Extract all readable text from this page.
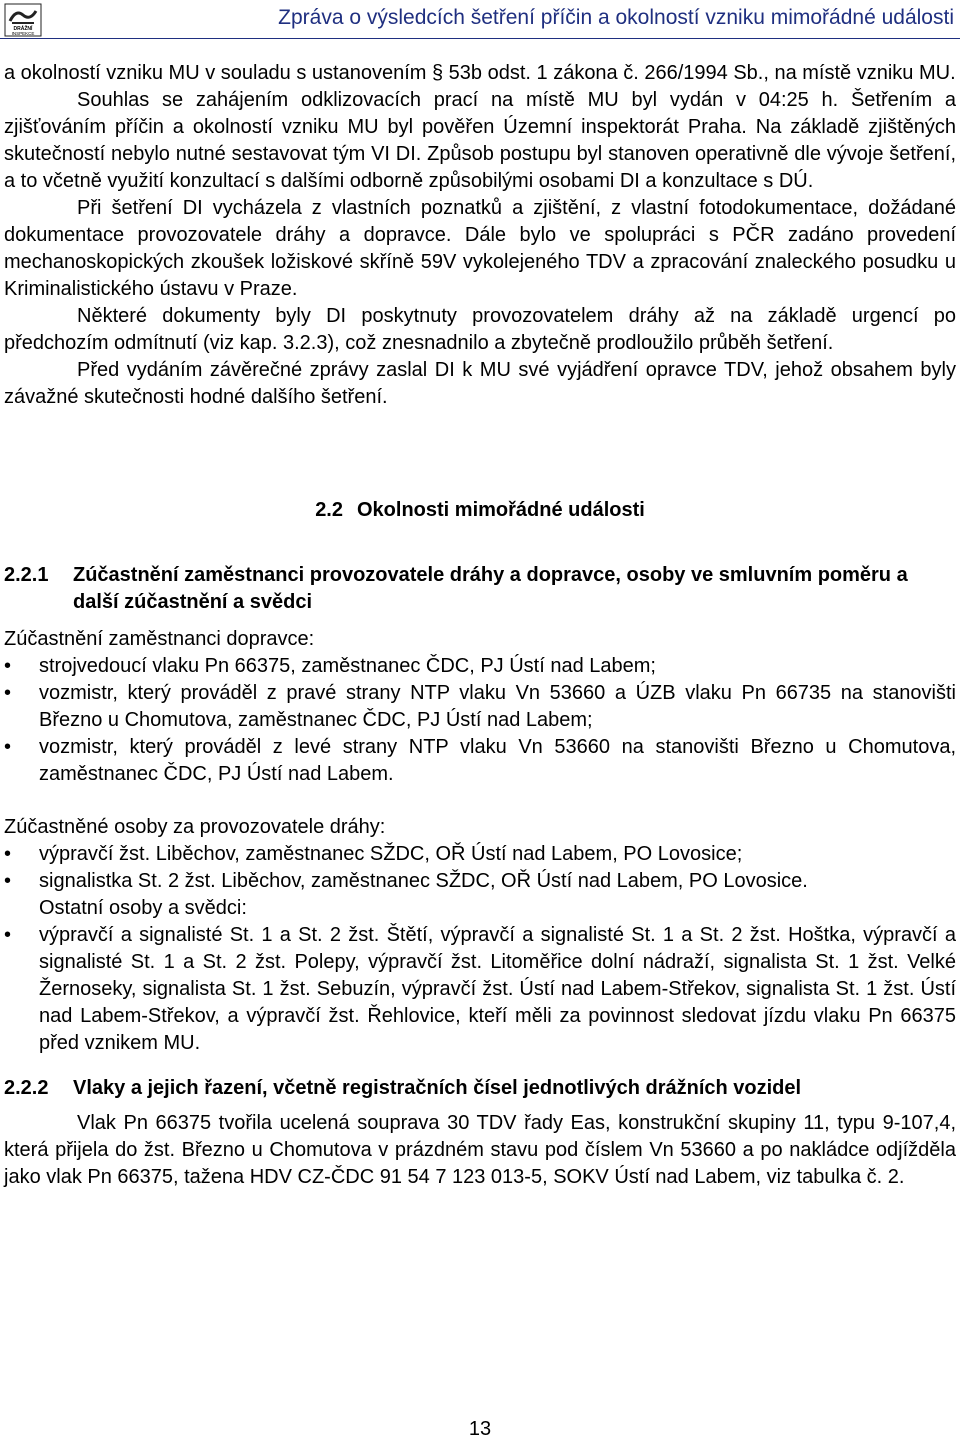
DRÁŽNÍ
INSPEKCE
Zpráva o výsledcích šetření příčin a okolností vzniku mimořádné události

a okolností vzniku MU v souladu s ustanovením § 53b odst. 1 zákona č. 266/1994 Sb., na místě vzniku MU.

Souhlas se zahájením odklizovacích prací na místě MU byl vydán v 04:25 h. Šetřením a zjišťováním příčin a okolností vzniku MU byl pověřen Územní inspektorát Praha. Na základě zjištěných skutečností nebylo nutné sestavovat tým VI DI. Způsob postupu byl stanoven operativně dle vývoje šetření, a to včetně využití konzultací s dalšími odborně způsobilými osobami DI a konzultace s DÚ.

Při šetření DI vycházela z vlastních poznatků a zjištění, z vlastní fotodokumentace, dožádané dokumentace provozovatele dráhy a dopravce. Dále bylo ve spolupráci s PČR zadáno provedení mechanoskopických zkoušek ložiskové skříně 59V vykolejeného TDV a zpracování znaleckého posudku u Kriminalistického ústavu v Praze.

Některé dokumenty byly DI poskytnuty provozovatelem dráhy až na základě urgencí po předchozím odmítnutí (viz kap. 3.2.3), což znesnadnilo a zbytečně prodloužilo průběh šetření.

Před vydáním závěrečné zprávy zaslal DI k MU své vyjádření opravce TDV, jehož obsahem byly závažné skutečnosti hodné dalšího šetření.

2.2 Okolnosti mimořádné události
2.2.1	Zúčastnění zaměstnanci provozovatele dráhy a dopravce, osoby ve smluvním poměru a další zúčastnění a svědci

Zúčastnění zaměstnanci dopravce:

• strojvedoucí vlaku Pn 66375, zaměstnanec ČDC, PJ Ústí nad Labem;
• vozmistr, který prováděl z pravé strany NTP vlaku Vn 53660 a ÚZB vlaku Pn 66735 na stanovišti Březno u Chomutova, zaměstnanec ČDC, PJ Ústí nad Labem;
• vozmistr, který prováděl z levé strany NTP vlaku Vn 53660 na stanovišti Březno u Chomutova, zaměstnanec ČDC, PJ Ústí nad Labem.

Zúčastněné osoby za provozovatele dráhy:

• výpravčí žst. Liběchov, zaměstnanec SŽDC, OŘ Ústí nad Labem, PO Lovosice;
• signalistka St. 2 žst. Liběchov, zaměstnanec SŽDC, OŘ Ústí nad Labem, PO Lovosice.

Ostatní osoby a svědci:

• výpravčí a signalisté St. 1 a St. 2 žst. Štětí, výpravčí a signalisté St. 1 a St. 2 žst. Hoštka, výpravčí a signalisté St. 1 a St. 2 žst. Polepy, výpravčí žst. Litoměřice dolní nádraží, signalista St. 1 žst. Velké Žernoseky, signalista St. 1 žst. Sebuzín, výpravčí žst. Ústí nad Labem-Střekov, signalista St. 1 žst. Ústí nad Labem-Střekov, a výpravčí žst. Řehlovice, kteří měli za povinnost sledovat jízdu vlaku Pn 66375 před vznikem MU.
2.2.2	Vlaky a jejich řazení, včetně registračních čísel jednotlivých drážních vozidel

Vlak Pn 66375 tvořila ucelená souprava 30 TDV řady Eas, konstrukční skupiny 11, typu 9-107,4, která přijela do žst. Březno u Chomutova v prázdném stavu pod číslem Vn 53660 a po nakládce odjížděla jako vlak Pn 66375, tažena HDV CZ-ČDC 91 54 7 123 013-5, SOKV Ústí nad Labem, viz tabulka č. 2.

13
